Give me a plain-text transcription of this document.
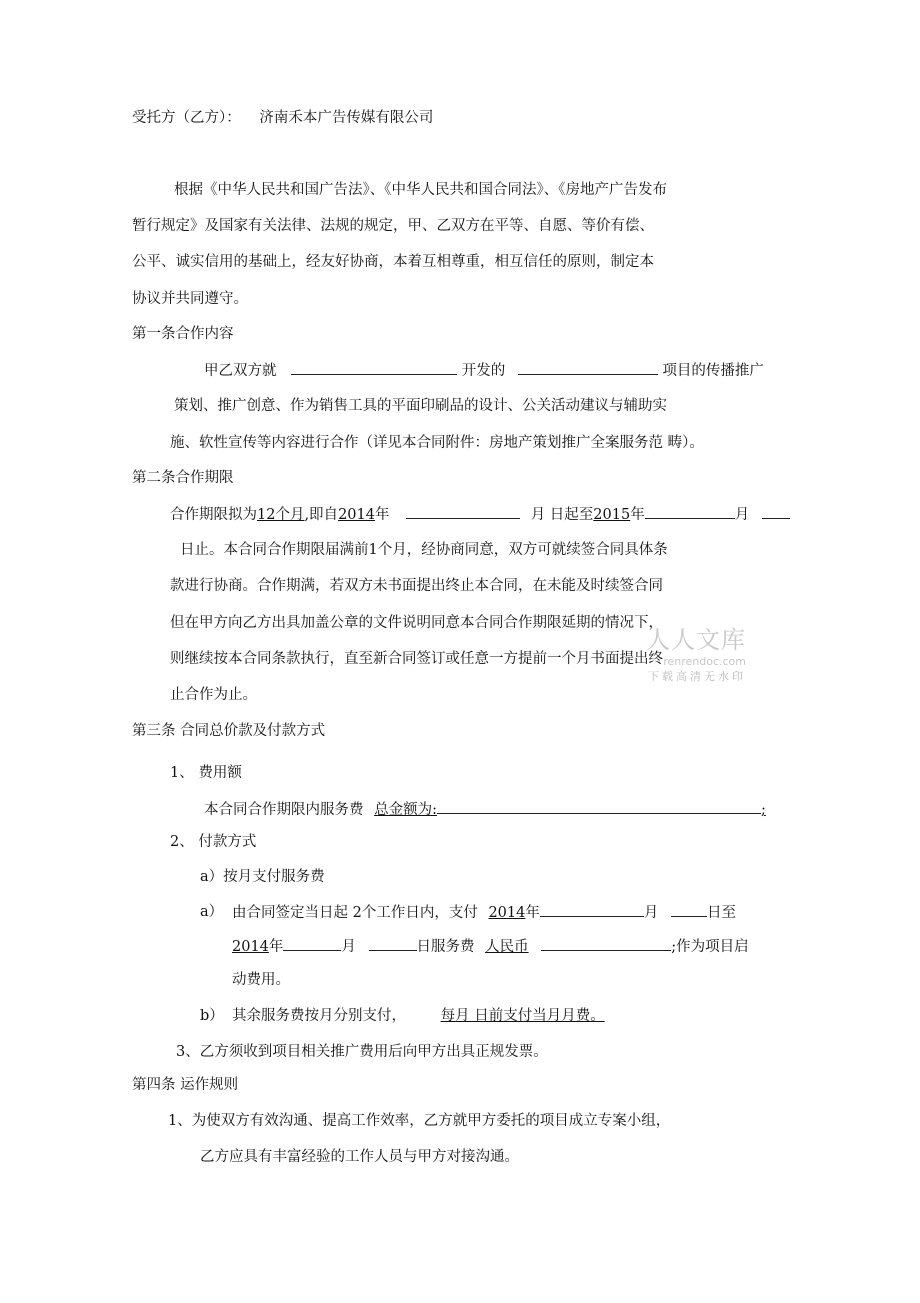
受托方（乙方）： 济南禾本广告传媒有限公司
根据《中华人民共和国广告法》、《中华人民共和国合同法》、《房地产广告发布
暂行规定》及国家有关法律、法规的规定，甲、乙双方在平等、自愿、等价有偿、
公平、诚实信用的基础上，经友好协商，本着互相尊重，相互信任的原则，制定本
协议并共同遵守。
第一条合作内容
甲乙双方就	开发的	项目的传播推广
策划、推广创意、作为销售工具的平面印刷品的设计、公关活动建议与辅助实
施、软性宣传等内容进行合作（详见本合同附件：房地产策划推广全案服务范 畴）。
第二条合作期限
合作期限拟为12个月,即自2014年	月 日起至2015年	月
日止。本合同合作期限届满前1个月，经协商同意，双方可就续签合同具体条
款进行协商。合作期满，若双方未书面提出终止本合同，在未能及时续签合同
但在甲方向乙方出具加盖公章的文件说明同意本合同合作期限延期的情况下，
则继续按本合同条款执行，直至新合同签订或任意一方提前一个月书面提出终
止合作为止。
第三条 合同总价款及付款方式
1、 费用额
本合同合作期限内服务费 总金额为:	;
2、 付款方式
a）按月支付服务费
a） 由合同签定当日起 2个工作日内，支付 2014年	月	日至
2014年	月	日服务费 人民币	;作为项目启
动费用。
b） 其余服务费按月分别支付， 每月 日前支付当月月费。
3、乙方须收到项目相关推广费用后向甲方出具正规发票。
第四条 运作规则
1、为使双方有效沟通、提高工作效率，乙方就甲方委托的项目成立专案小组，
乙方应具有丰富经验的工作人员与甲方对接沟通。
人人文库
renrendoc.com
下载高清无水印
